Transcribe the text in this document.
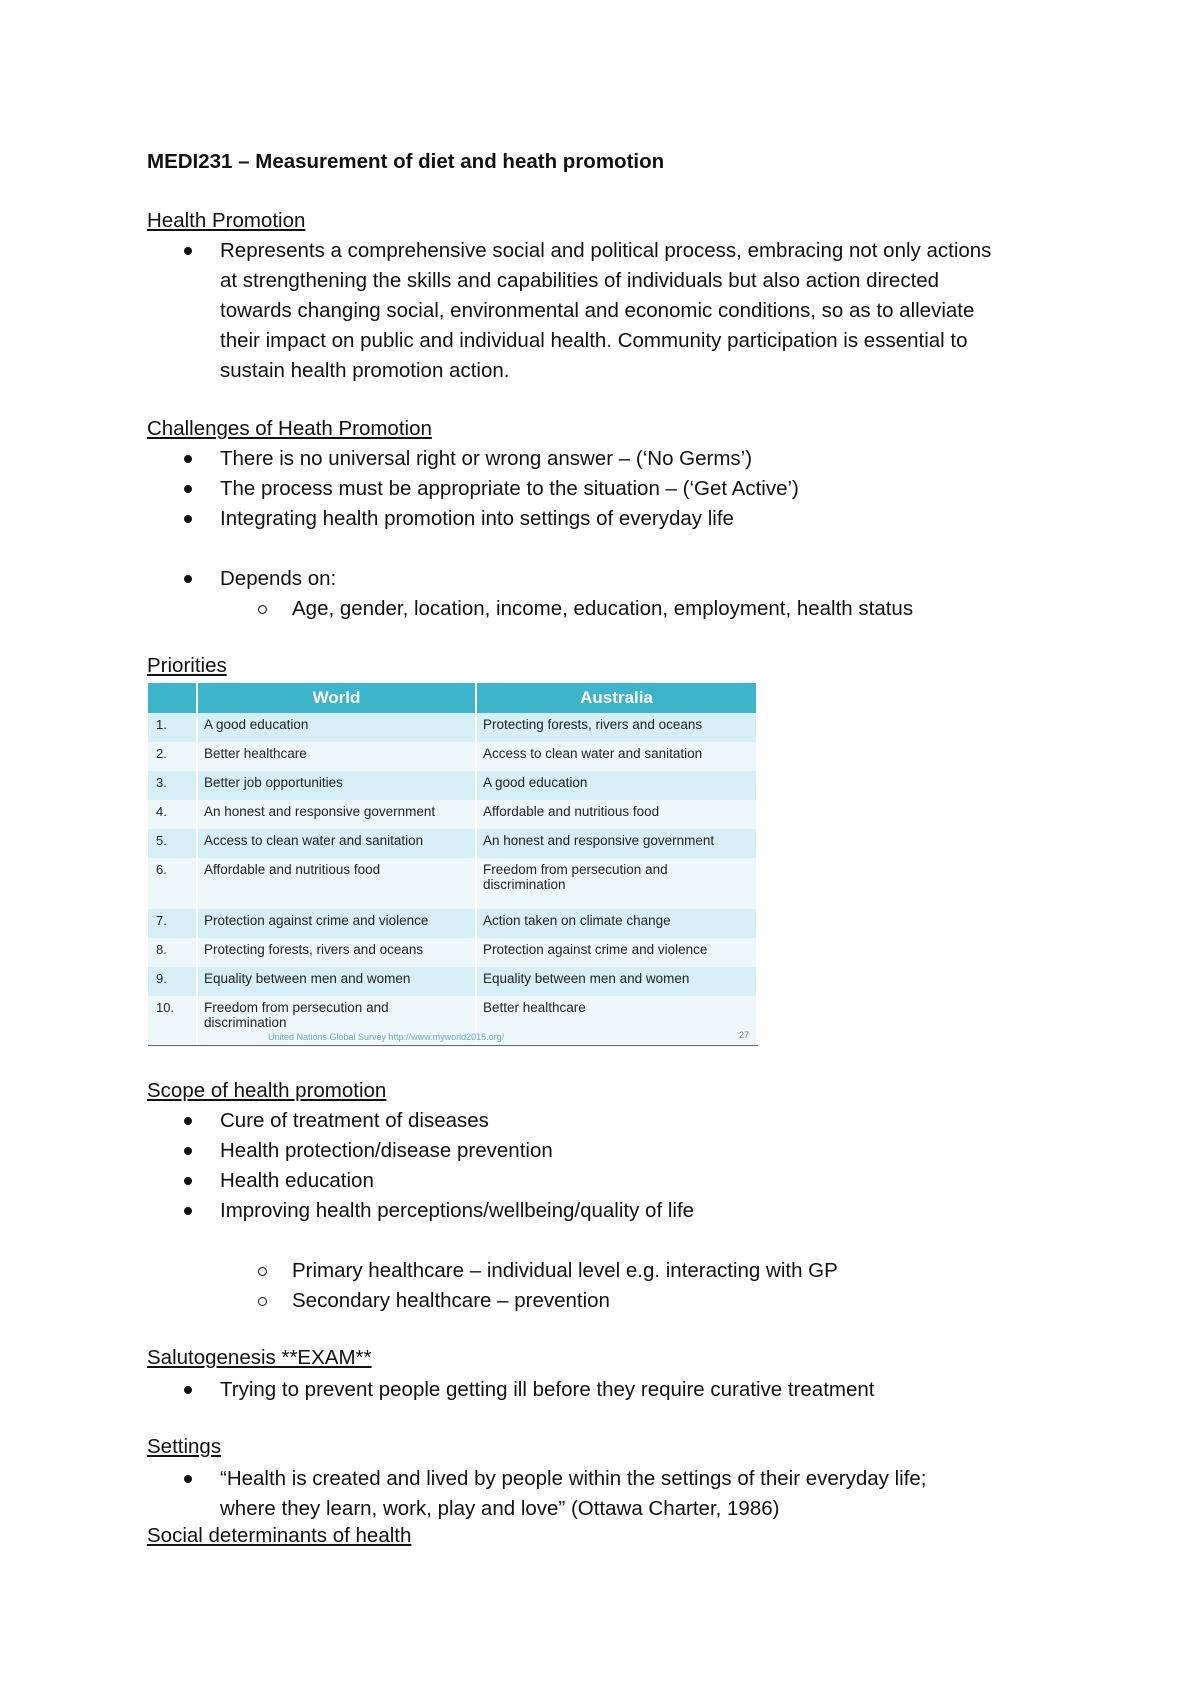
MEDI231 – Measurement of diet and heath promotion
Health Promotion
Represents a comprehensive social and political process, embracing not only actions
at strengthening the skills and capabilities of individuals but also action directed
towards changing social, environmental and economic conditions, so as to alleviate
their impact on public and individual health. Community participation is essential to
sustain health promotion action.
Challenges of Heath Promotion
There is no universal right or wrong answer – (‘No Germs’)
The process must be appropriate to the situation – (‘Get Active’)
Integrating health promotion into settings of everyday life
Depends on:
Age, gender, location, income, education, employment, health status
Priorities
	World	Australia
1.	A good education	Protecting forests, rivers and oceans
2.	Better healthcare	Access to clean water and sanitation
3.	Better job opportunities	A good education
4.	An honest and responsive government	Affordable and nutritious food
5.	Access to clean water and sanitation	An honest and responsive government
6.	Affordable and nutritious food	Freedom from persecution and discrimination
7.	Protection against crime and violence	Action taken on climate change
8.	Protecting forests, rivers and oceans	Protection against crime and violence
9.	Equality between men and women	Equality between men and women
10.	Freedom from persecution and discrimination	Better healthcare
United Nations Global Survey http://www.myworld2015.org/	27
Scope of health promotion
Cure of treatment of diseases
Health protection/disease prevention
Health education
Improving health perceptions/wellbeing/quality of life
Primary healthcare – individual level e.g. interacting with GP
Secondary healthcare – prevention
Salutogenesis **EXAM**
Trying to prevent people getting ill before they require curative treatment
Settings
“Health is created and lived by people within the settings of their everyday life;
where they learn, work, play and love” (Ottawa Charter, 1986)
Social determinants of health
